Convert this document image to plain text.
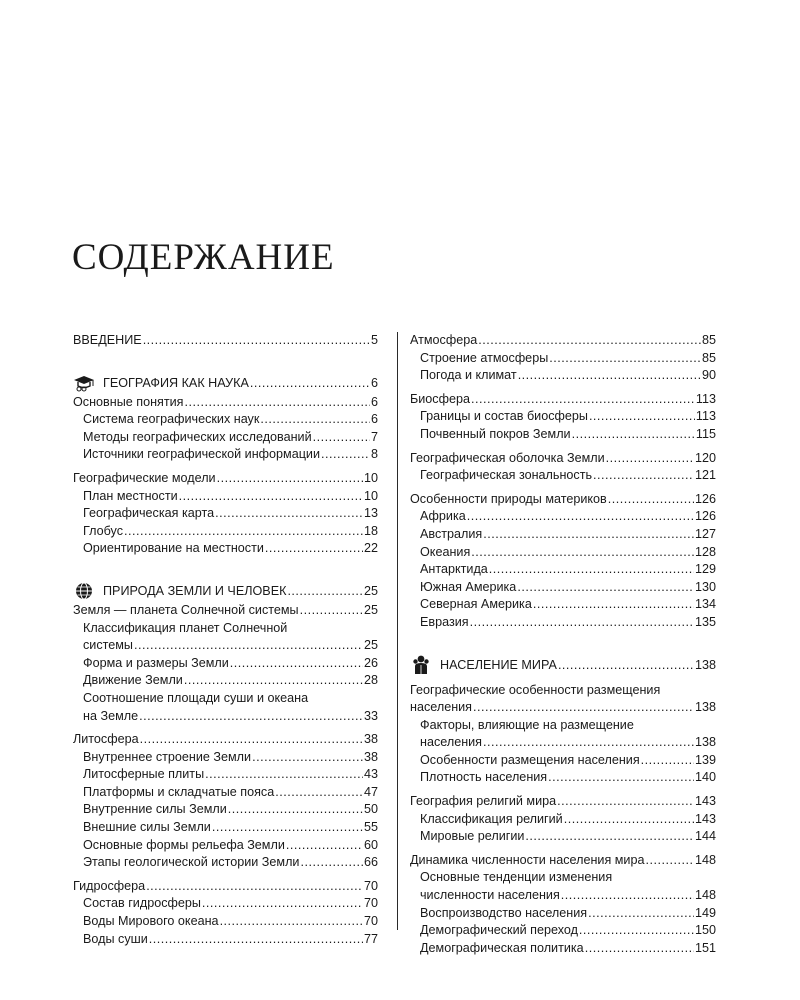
СОДЕРЖАНИЕ
ВВЕДЕНИЕ .....	5
ГЕОГРАФИЯ КАК НАУКА .....	6
Основные понятия .....	6
Система географических наук .....	6
Методы географических исследований .....	7
Источники географической информации .....	8
Географические модели .....	10
План местности .....	10
Географическая карта .....	13
Глобус .....	18
Ориентирование на местности .....	22
ПРИРОДА ЗЕМЛИ И ЧЕЛОВЕК .....	25
Земля — планета Солнечной системы .....	25
Классификация планет Солнечной
системы .....	25
Форма и размеры Земли .....	26
Движение Земли .....	28
Соотношение площади суши и океана
на Земле .....	33
Литосфера .....	38
Внутреннее строение Земли .....	38
Литосферные плиты .....	43
Платформы и складчатые пояса .....	47
Внутренние силы Земли .....	50
Внешние силы Земли .....	55
Основные формы рельефа Земли .....	60
Этапы геологической истории Земли .....	66
Гидросфера .....	70
Состав гидросферы .....	70
Воды Мирового океана .....	70
Воды суши .....	77
Атмосфера .....	85
Строение атмосферы .....	85
Погода и климат .....	90
Биосфера .....	113
Границы и состав биосферы .....	113
Почвенный покров Земли .....	115
Географическая оболочка Земли .....	120
Географическая зональность .....	121
Особенности природы материков .....	126
Африка .....	126
Австралия .....	127
Океания .....	128
Антарктида .....	129
Южная Америка .....	130
Северная Америка .....	134
Евразия .....	135
НАСЕЛЕНИЕ МИРА .....	138
Географические особенности размещения
населения .....	138
Факторы, влияющие на размещение
населения .....	138
Особенности размещения населения .....	139
Плотность населения .....	140
География религий мира .....	143
Классификация религий .....	143
Мировые религии .....	144
Динамика численности населения мира .....	148
Основные тенденции изменения
численности населения .....	148
Воспроизводство населения .....	149
Демографический переход .....	150
Демографическая политика .....	151
